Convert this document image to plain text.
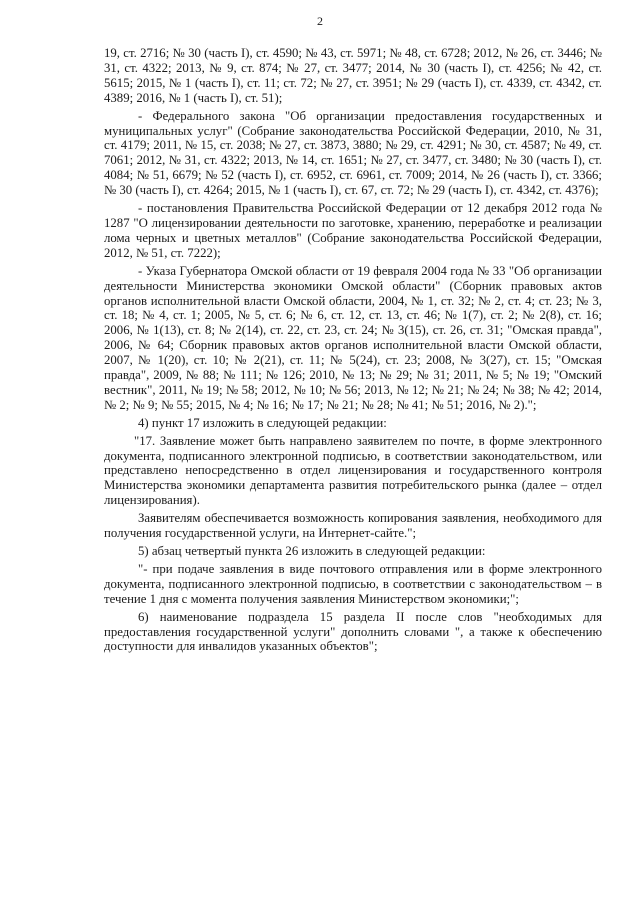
2

19, ст. 2716; № 30 (часть I), ст. 4590; № 43, ст. 5971; № 48, ст. 6728; 2012, № 26, ст. 3446; № 31, ст. 4322; 2013, № 9, ст. 874; № 27, ст. 3477; 2014, № 30 (часть I), ст. 4256; № 42, ст. 5615; 2015, № 1 (часть I), ст. 11; ст. 72; № 27, ст. 3951; № 29 (часть I), ст. 4339, ст. 4342, ст. 4389; 2016, № 1 (часть I), ст. 51);

- Федерального закона "Об организации предоставления государственных и муниципальных услуг" (Собрание законодательства Российской Федерации, 2010, № 31, ст. 4179; 2011, № 15, ст. 2038; № 27, ст. 3873, 3880; № 29, ст. 4291; № 30, ст. 4587; № 49, ст. 7061; 2012, № 31, ст. 4322; 2013, № 14, ст. 1651; № 27, ст. 3477, ст. 3480; № 30 (часть I), ст. 4084; № 51, 6679; № 52 (часть I), ст. 6952, ст. 6961, ст. 7009; 2014, № 26 (часть I), ст. 3366; № 30 (часть I), ст. 4264; 2015, № 1 (часть I), ст. 67, ст. 72; № 29 (часть I), ст. 4342, ст. 4376);

- постановления Правительства Российской Федерации от 12 декабря 2012 года № 1287 "О лицензировании деятельности по заготовке, хранению, переработке и реализации лома черных и цветных металлов" (Собрание законодательства Российской Федерации, 2012, № 51, ст. 7222);

- Указа Губернатора Омской области от 19 февраля 2004 года № 33 "Об организации деятельности Министерства экономики Омской области" (Сборник правовых актов органов исполнительной власти Омской области, 2004, № 1, ст. 32; № 2, ст. 4; ст. 23; № 3, ст. 18; № 4, ст. 1; 2005, № 5, ст. 6; № 6, ст. 12, ст. 13, ст. 46; № 1(7), ст. 2; № 2(8), ст. 16; 2006, № 1(13), ст. 8; № 2(14), ст. 22, ст. 23, ст. 24; № 3(15), ст. 26, ст. 31; "Омская правда", 2006, № 64; Сборник правовых актов органов исполнительной власти Омской области, 2007, № 1(20), ст. 10; № 2(21), ст. 11; № 5(24), ст. 23; 2008, № 3(27), ст. 15; "Омская правда", 2009, № 88; № 111; № 126; 2010, № 13; № 29; № 31; 2011, № 5; № 19; "Омский вестник", 2011, № 19; № 58; 2012, № 10; № 56; 2013, № 12; № 21; № 24; № 38; № 42; 2014, № 2; № 9; № 55; 2015, № 4; № 16; № 17; № 21; № 28; № 41; № 51; 2016, № 2).";

4) пункт 17 изложить в следующей редакции:

"17. Заявление может быть направлено заявителем по почте, в форме электронного документа, подписанного электронной подписью, в соответствии законодательством, или представлено непосредственно в отдел лицензирования и государственного контроля Министерства экономики департамента развития потребительского рынка (далее – отдел лицензирования).

Заявителям обеспечивается возможность копирования заявления, необходимого для получения государственной услуги, на Интернет-сайте.";

5) абзац четвертый пункта 26 изложить в следующей редакции:

"- при подаче заявления в виде почтового отправления или в форме электронного документа, подписанного электронной подписью, в соответствии с законодательством – в течение 1 дня с момента получения заявления Министерством экономики;";

6) наименование подраздела 15 раздела II после слов "необходимых для предоставления государственной услуги" дополнить словами ", а также к обеспечению доступности для инвалидов указанных объектов";
